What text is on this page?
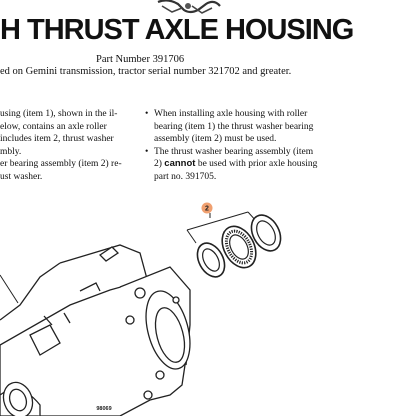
H THRUST AXLE HOUSING
Part Number 391706
ed on Gemini transmission, tractor serial number 321702 and greater.

using (item 1), shown in the il-

elow, contains an axle roller

includes item 2, thrust washer

mbly.

er bearing assembly (item 2) re-

ust washer.

• When installing axle housing with roller

bearing (item 1) the thrust washer bearing

assembly (item 2) must be used.

• The thrust washer bearing assembly (item

2) cannot be used with prior axle housing

part no. 391705.

2
98069
